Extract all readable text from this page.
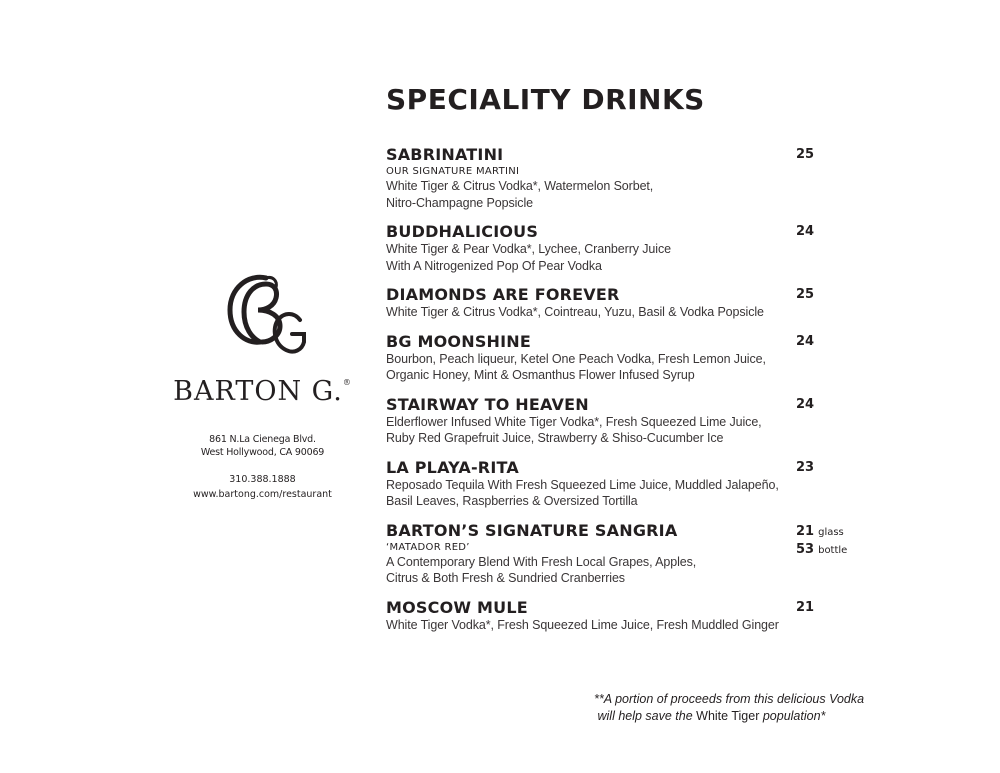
BARTON G.®
861 N.La Cienega Blvd.
West Hollywood, CA 90069
310.388.1888
www.bartong.com/restaurant
SPECIALITY DRINKS
SABRINATINI
OUR SIGNATURE MARTINI
White Tiger & Citrus Vodka*, Watermelon Sorbet,
Nitro-Champagne Popsicle
25
BUDDHALICIOUS
White Tiger & Pear Vodka*, Lychee, Cranberry Juice
With A Nitrogenized Pop Of Pear Vodka
24
DIAMONDS ARE FOREVER
White Tiger & Citrus Vodka*, Cointreau, Yuzu, Basil & Vodka Popsicle
25
BG MOONSHINE
Bourbon, Peach liqueur, Ketel One Peach Vodka, Fresh Lemon Juice,
Organic Honey, Mint & Osmanthus Flower Infused Syrup
24
STAIRWAY TO HEAVEN
Elderflower Infused White Tiger Vodka*, Fresh Squeezed Lime Juice,
Ruby Red Grapefruit Juice, Strawberry & Shiso-Cucumber Ice
24
LA PLAYA-RITA
Reposado Tequila With Fresh Squeezed Lime Juice, Muddled Jalapeño,
Basil Leaves, Raspberries & Oversized Tortilla
23
BARTON’S SIGNATURE SANGRIA
‘MATADOR RED’
A Contemporary Blend With Fresh Local Grapes, Apples,
Citrus & Both Fresh & Sundried Cranberries
21 glass
53 bottle
MOSCOW MULE
White Tiger Vodka*, Fresh Squeezed Lime Juice, Fresh Muddled Ginger
21
**A portion of proceeds from this delicious Vodka
will help save the White Tiger population*
